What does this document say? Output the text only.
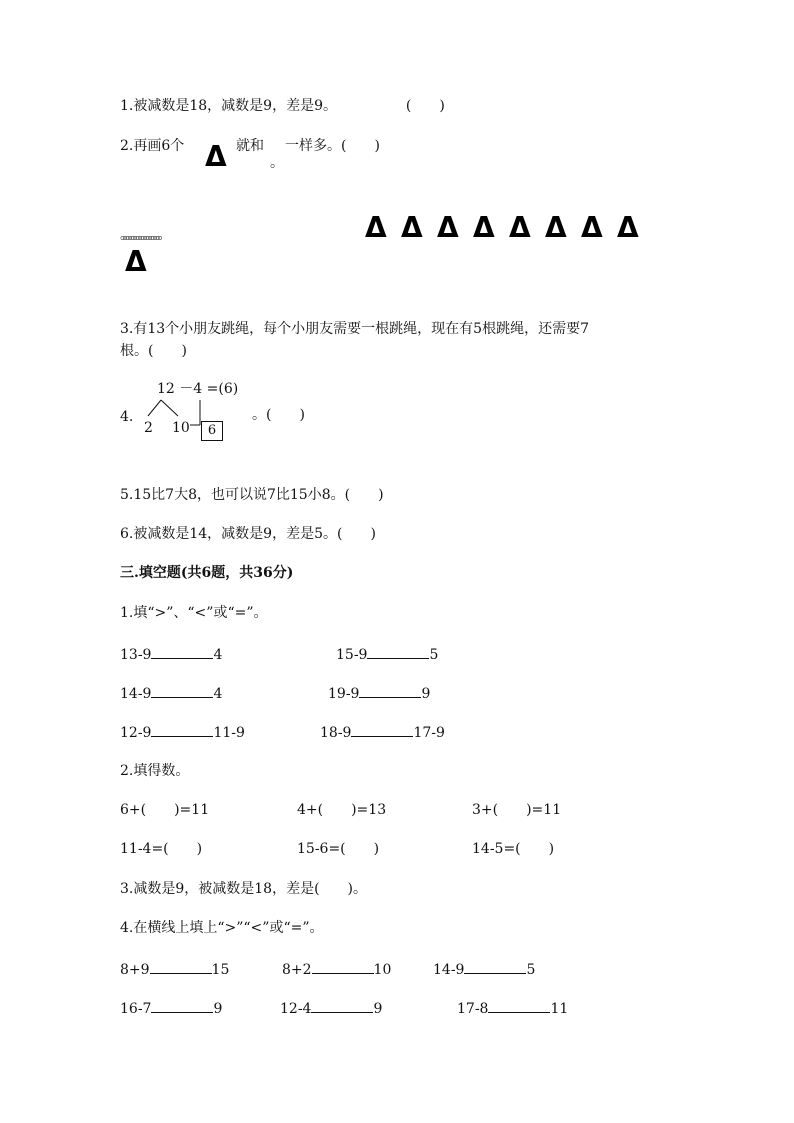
1.被减数是18，减数是9，差是9。	(　　)
2.再画6个 Δ 就和
。
一样多。(　　)
。。。。。。。。。。。。。。。。	Δ Δ Δ Δ Δ Δ Δ Δ
Δ
3.有13个小朋友跳绳，每个小朋友需要一根跳绳，现在有5根跳绳，还需要7
根。(　　)
4.
12 －4 =(6)
2 10	6
。(　　)
5.15比7大8，也可以说7比15小8。(　　)
6.被减数是14，减数是9，差是5。(　　)
三.填空题(共6题，共36分)
1.填“>”、“<”或“=”。
13-9	4	15-9	5
14-9	4	19-9	9
12-9	11-9	18-9	17-9
2.填得数。
6+(　　)=11	4+(　　)=13	3+(　　)=11
11-4=(　　)	15-6=(　　)	14-5=(　　)
3.减数是9，被减数是18，差是(　　)。
4.在横线上填上“>”“<”或“=”。
8+9	15	8+2	10	14-9	5
16-7	9	12-4	9	17-8	11
